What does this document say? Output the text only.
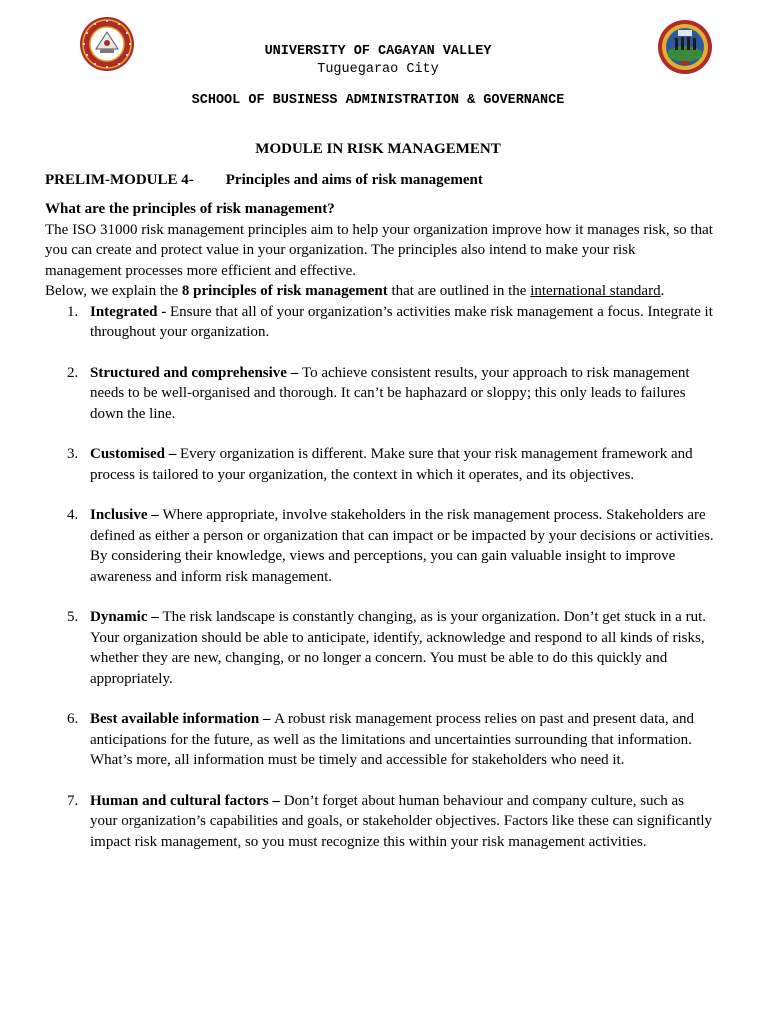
UNIVERSITY OF CAGAYAN VALLEY
Tuguegarao City
SCHOOL OF BUSINESS ADMINISTRATION & GOVERNANCE
MODULE IN RISK MANAGEMENT
PRELIM-MODULE 4- Principles and aims of risk management

What are the principles of risk management?

The ISO 31000 risk management principles aim to help your organization improve how it manages risk, so that you can create and protect value in your organization. The principles also intend to make your risk management processes more efficient and effective.

Below, we explain the 8 principles of risk management that are outlined in the international standard.

1. Integrated - Ensure that all of your organization’s activities make risk management a focus. Integrate it throughout your organization.
2. Structured and comprehensive – To achieve consistent results, your approach to risk management needs to be well-organised and thorough. It can’t be haphazard or sloppy; this only leads to failures down the line.
3. Customised – Every organization is different. Make sure that your risk management framework and process is tailored to your organization, the context in which it operates, and its objectives.
4. Inclusive – Where appropriate, involve stakeholders in the risk management process. Stakeholders are defined as either a person or organization that can impact or be impacted by your decisions or activities. By considering their knowledge, views and perceptions, you can gain valuable insight to improve awareness and inform risk management.
5. Dynamic – The risk landscape is constantly changing, as is your organization. Don’t get stuck in a rut. Your organization should be able to anticipate, identify, acknowledge and respond to all kinds of risks, whether they are new, changing, or no longer a concern. You must be able to do this quickly and appropriately.
6. Best available information – A robust risk management process relies on past and present data, and anticipations for the future, as well as the limitations and uncertainties surrounding that information. What’s more, all information must be timely and accessible for stakeholders who need it.
7. Human and cultural factors – Don’t forget about human behaviour and company culture, such as your organization’s capabilities and goals, or stakeholder objectives. Factors like these can significantly impact risk management, so you must recognize this within your risk management activities.
